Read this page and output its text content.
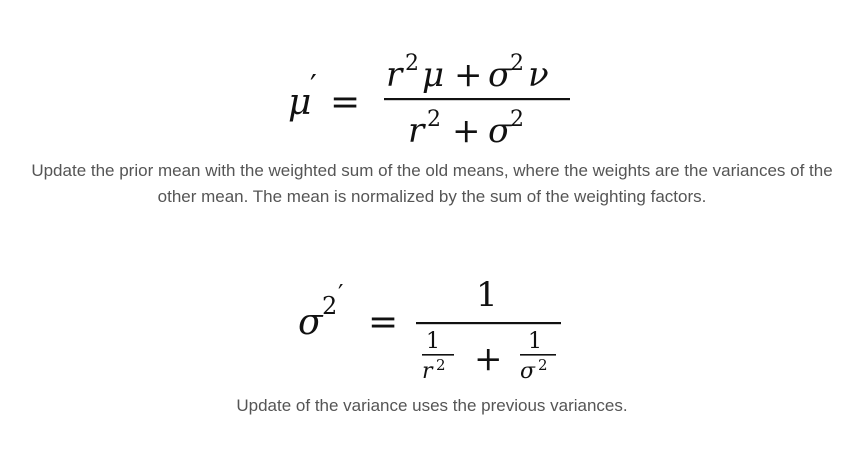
μ
′ =
r 2 μ + σ
2 ν
r 2 + σ
2
Update the prior mean with the weighted sum of the old means, where the weights are the variances of the
other mean. The mean is normalized by the sum of the weighting factors.
σ 2 ′
=
1
1
r 2 + 1
σ 2
Update of the variance uses the previous variances.
